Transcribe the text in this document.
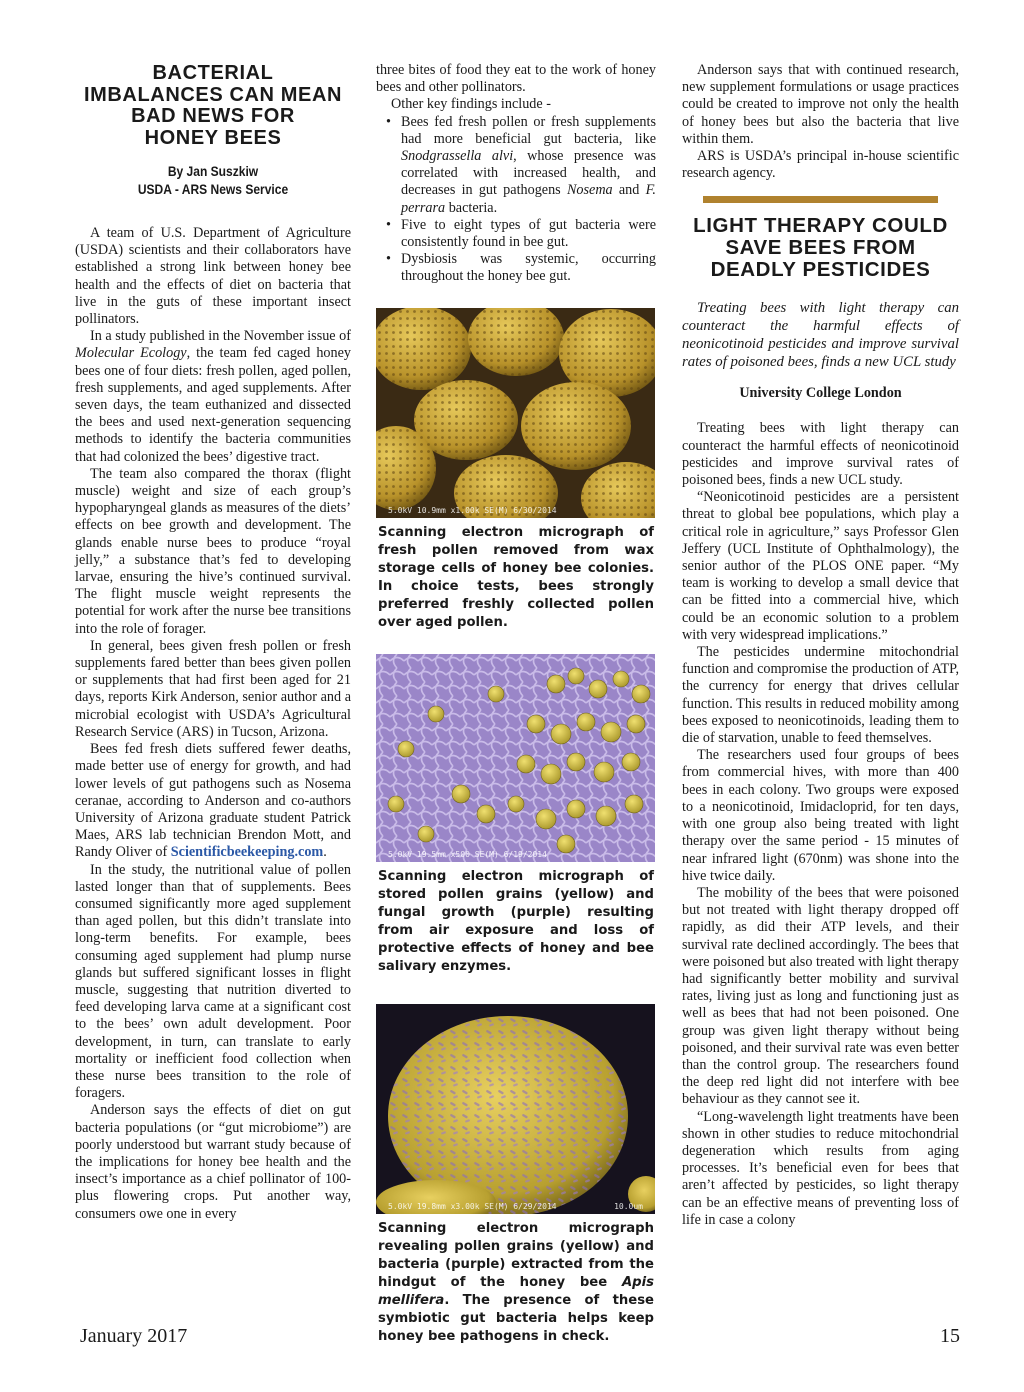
BACTERIAL
IMBALANCES CAN MEAN
BAD NEWS FOR
HONEY BEES
By Jan Suszkiw
USDA - ARS News Service

A team of U.S. Department of Agriculture (USDA) scientists and their collaborators have established a strong link between honey bee health and the effects of diet on bacteria that live in the guts of these important insect pollinators.

In a study published in the November issue of Molecular Ecology, the team fed caged honey bees one of four diets: fresh pollen, aged pollen, fresh supplements, and aged supplements. After seven days, the team euthanized and dissected the bees and used next-generation sequencing methods to identify the bacteria communities that had colonized the bees’ digestive tract.

The team also compared the thorax (flight muscle) weight and size of each group’s hypopharyngeal glands as measures of the diets’ effects on bee growth and development. The glands enable nurse bees to produce “royal jelly,” a substance that’s fed to developing larvae, ensuring the hive’s continued survival. The flight muscle weight represents the potential for work after the nurse bee transitions into the role of forager.

In general, bees given fresh pollen or fresh supplements fared better than bees given pollen or supplements that had first been aged for 21 days, reports Kirk Anderson, senior author and a microbial ecologist with USDA’s Agricultural Research Service (ARS) in Tucson, Arizona.

Bees fed fresh diets suffered fewer deaths, made better use of energy for growth, and had lower levels of gut pathogens such as Nosema ceranae, according to Anderson and co-authors University of Arizona graduate student Patrick Maes, ARS lab technician Brendon Mott, and Randy Oliver of Scientificbeekeeping.com.

In the study, the nutritional value of pollen lasted longer than that of supplements. Bees consumed significantly more aged supplement than aged pollen, but this didn’t translate into long-term benefits. For example, bees consuming aged supplement had plump nurse glands but suffered significant losses in flight muscle, suggesting that nutrition diverted to feed developing larva came at a significant cost to the bees’ own adult development. Poor development, in turn, can translate to early mortality or inefficient food collection when these nurse bees transition to the role of foragers.

Anderson says the effects of diet on gut bacteria populations (or “gut microbiome”) are poorly understood but warrant study because of the implications for honey bee health and the insect’s importance as a chief pollinator of 100-plus flowering crops. Put another way, consumers owe one in every

three bites of food they eat to the work of honey bees and other pollinators.

Other key findings include -

• Bees fed fresh pollen or fresh supplements had more beneficial gut bacteria, like Snodgrassella alvi, whose presence was correlated with increased health, and decreases in gut pathogens Nosema and F. perrara bacteria.
• Five to eight types of gut bacteria were consistently found in bee gut.
• Dysbiosis was systemic, occurring throughout the honey bee gut.
5.0kV 10.9mm x1.00k SE(M) 6/30/2014
Scanning electron micrograph of fresh pollen removed from wax storage cells of honey bee colonies. In choice tests, bees strongly preferred freshly collected pollen over aged pollen.
5.0kV 19.5mm x500 SE(M) 6/19/2014
Scanning electron micrograph of stored pollen grains (yellow) and fungal growth (purple) resulting from air exposure and loss of protective effects of honey and bee salivary enzymes.
5.0kV 19.8mm x3.00k SE(M) 6/29/2014	10.0um
Scanning electron micrograph revealing pollen grains (yellow) and bacteria (purple) extracted from the hindgut of the honey bee Apis mellifera. The presence of these symbiotic gut bacteria helps keep honey bee pathogens in check.

Anderson says that with continued research, new supplement formulations or usage practices could be created to improve not only the health of honey bees but also the bacteria that live within them.

ARS is USDA’s principal in-house scientific research agency.

LIGHT THERAPY COULD
SAVE BEES FROM
DEADLY PESTICIDES
Treating bees with light therapy can counteract the harmful effects of neonicotinoid pesticides and improve survival rates of poisoned bees, finds a new UCL study
University College London

Treating bees with light therapy can counteract the harmful effects of neonicotinoid pesticides and improve survival rates of poisoned bees, finds a new UCL study.

“Neonicotinoid pesticides are a persistent threat to global bee populations, which play a critical role in agriculture,” says Professor Glen Jeffery (UCL Institute of Ophthalmology), the senior author of the PLOS ONE paper. “My team is working to develop a small device that can be fitted into a commercial hive, which could be an economic solution to a problem with very widespread implications.”

The pesticides undermine mitochondrial function and compromise the production of ATP, the currency for energy that drives cellular function. This results in reduced mobility among bees exposed to neonicotinoids, leading them to die of starvation, unable to feed themselves.

The researchers used four groups of bees from commercial hives, with more than 400 bees in each colony. Two groups were exposed to a neonicotinoid, Imidacloprid, for ten days, with one group also being treated with light therapy over the same period - 15 minutes of near infrared light (670nm) was shone into the hive twice daily.

The mobility of the bees that were poisoned but not treated with light therapy dropped off rapidly, as did their ATP levels, and their survival rate declined accordingly. The bees that were poisoned but also treated with light therapy had significantly better mobility and survival rates, living just as long and functioning just as well as bees that had not been poisoned. One group was given light therapy without being poisoned, and their survival rate was even better than the control group. The researchers found the deep red light did not interfere with bee behaviour as they cannot see it.

“Long-wavelength light treatments have been shown in other studies to reduce mitochondrial degeneration which results from aging processes. It’s beneficial even for bees that aren’t affected by pesticides, so light therapy can be an effective means of preventing loss of life in case a colony

January 2017	15
